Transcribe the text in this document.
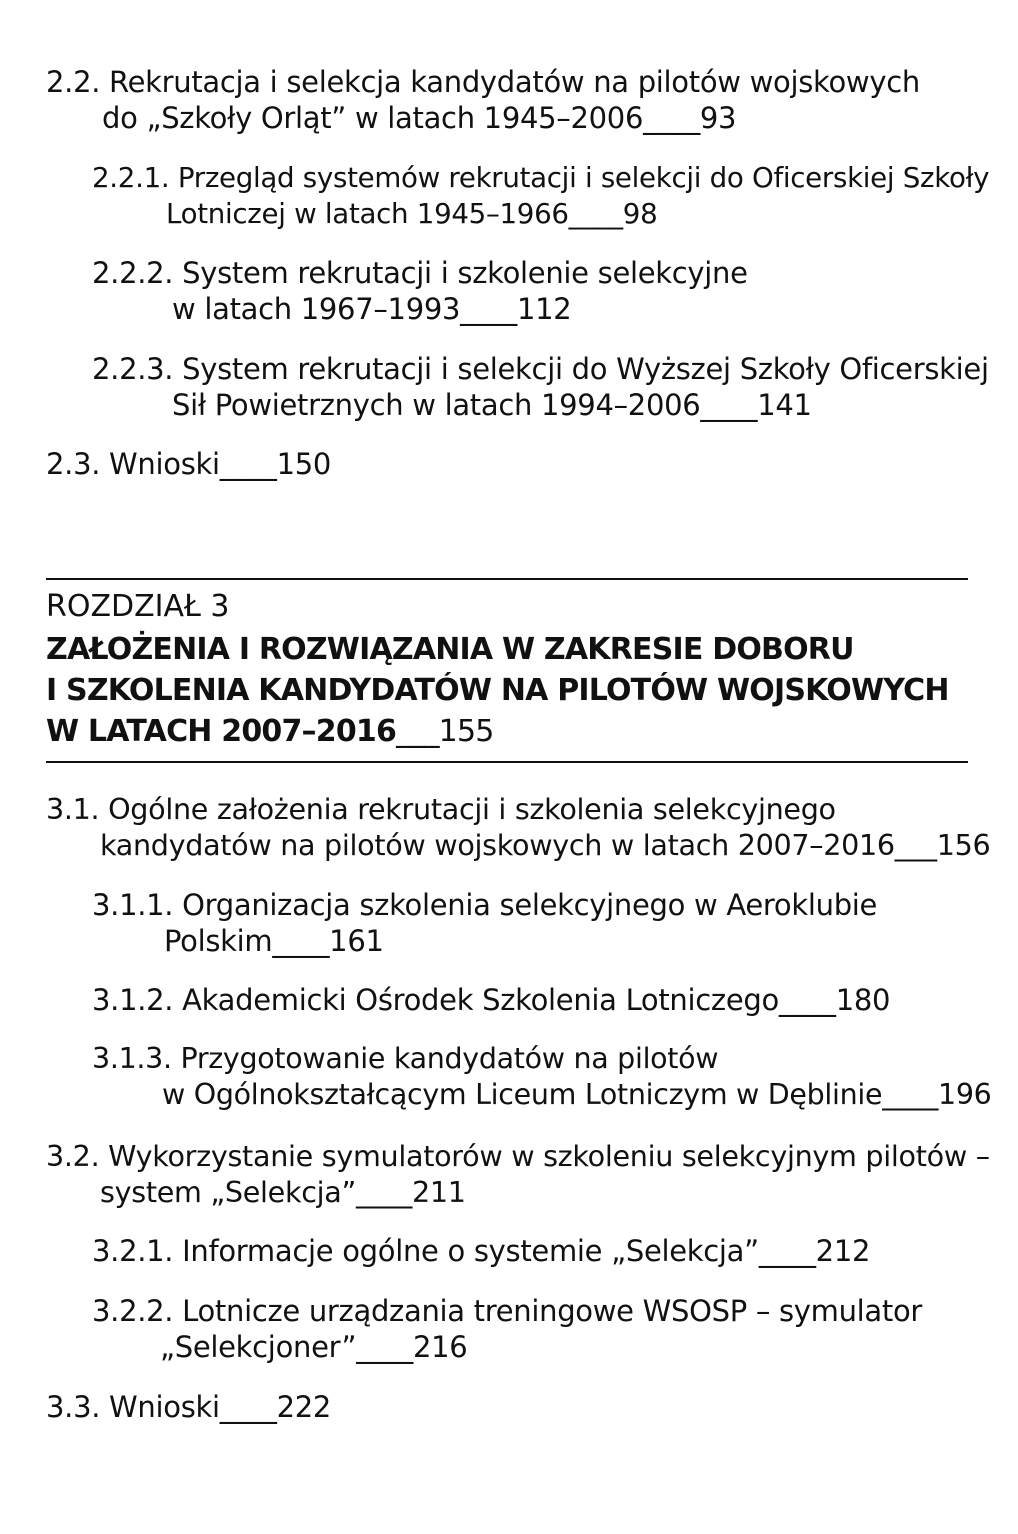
2.2. Rekrutacja i selekcja kandydatów na pilotów wojskowych
do „Szkoły Orląt” w latach 1945–2006____93
2.2.1. Przegląd systemów rekrutacji i selekcji do Oficerskiej Szkoły
Lotniczej w latach 1945–1966____98
2.2.2. System rekrutacji i szkolenie selekcyjne
w latach 1967–1993____112
2.2.3. System rekrutacji i selekcji do Wyższej Szkoły Oficerskiej
Sił Powietrznych w latach 1994–2006____141
2.3. Wnioski____150
ROZDZIAŁ 3
ZAŁOŻENIA I ROZWIĄZANIA W ZAKRESIE DOBORU
I SZKOLENIA KANDYDATÓW NA PILOTÓW WOJSKOWYCH
W LATACH 2007–2016___155
3.1. Ogólne założenia rekrutacji i szkolenia selekcyjnego
kandydatów na pilotów wojskowych w latach 2007–2016___156
3.1.1. Organizacja szkolenia selekcyjnego w Aeroklubie
Polskim____161
3.1.2. Akademicki Ośrodek Szkolenia Lotniczego____180
3.1.3. Przygotowanie kandydatów na pilotów
w Ogólnokształcącym Liceum Lotniczym w Dęblinie____196
3.2. Wykorzystanie symulatorów w szkoleniu selekcyjnym pilotów –
system „Selekcja”____211
3.2.1. Informacje ogólne o systemie „Selekcja”____212
3.2.2. Lotnicze urządzania treningowe WSOSP – symulator
„Selekcjoner”____216
3.3. Wnioski____222
